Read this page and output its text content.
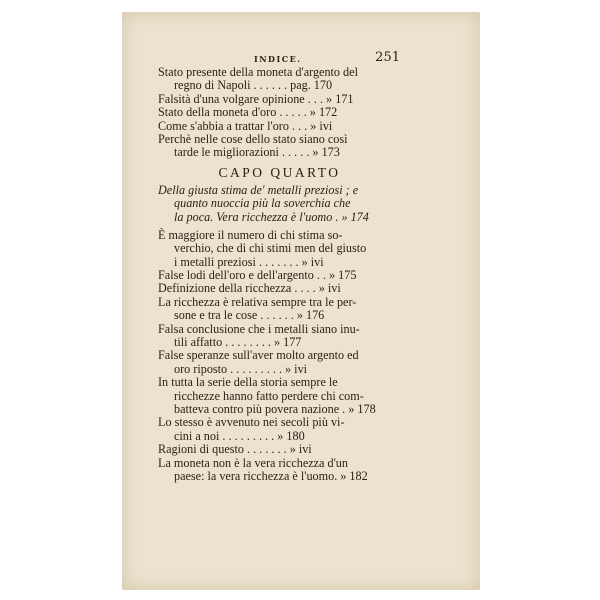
INDICE.	251
Stato presente della moneta d'argento del
regno di Napoli . . . . . . pag. 170
Falsità d'una volgare opinione . . . » 171
Stato della moneta d'oro . . . . . » 172
Come s'abbia a trattar l'oro . . . » ivi
Perchè nelle cose dello stato siano così
tarde le migliorazioni . . . . . » 173
CAPO QUARTO
Della giusta stima de' metalli preziosi ; e
quanto nuoccia più la soverchia che
la poca. Vera ricchezza è l'uomo . » 174
È maggiore il numero di chi stima so-
verchio, che di chi stimi men del giusto
i metalli preziosi . . . . . . . » ivi
False lodi dell'oro e dell'argento . . » 175
Definizione della ricchezza . . . . » ivi
La ricchezza è relativa sempre tra le per-
sone e tra le cose . . . . . . » 176
Falsa conclusione che i metalli siano inu-
tili affatto . . . . . . . . » 177
False speranze sull'aver molto argento ed
oro riposto . . . . . . . . . » ivi
In tutta la serie della storia sempre le
ricchezze hanno fatto perdere chi com-
batteva contro più povera nazione . » 178
Lo stesso è avvenuto nei secoli più vi-
cini a noi . . . . . . . . . » 180
Ragioni di questo . . . . . . . » ivi
La moneta non è la vera ricchezza d'un
paese: la vera ricchezza è l'uomo. » 182
